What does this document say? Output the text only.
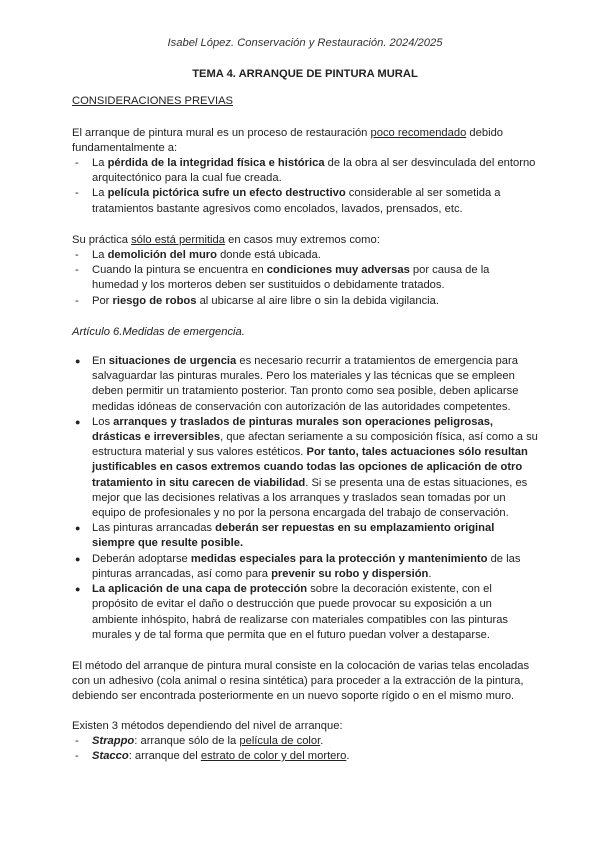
Isabel López. Conservación y Restauración. 2024/2025
TEMA 4. ARRANQUE DE PINTURA MURAL
CONSIDERACIONES PREVIAS

El arranque de pintura mural es un proceso de restauración poco recomendado debido fundamentalmente a:

- La pérdida de la integridad física e histórica de la obra al ser desvinculada del entorno arquitectónico para la cual fue creada.
- La película pictórica sufre un efecto destructivo considerable al ser sometida a tratamientos bastante agresivos como encolados, lavados, prensados, etc.

Su práctica sólo está permitida en casos muy extremos como:

- La demolición del muro donde está ubicada.
- Cuando la pintura se encuentra en condiciones muy adversas por causa de la humedad y los morteros deben ser sustituidos o debidamente tratados.
- Por riesgo de robos al ubicarse al aire libre o sin la debida vigilancia.

Artículo 6.Medidas de emergencia.

● En situaciones de urgencia es necesario recurrir a tratamientos de emergencia para salvaguardar las pinturas murales. Pero los materiales y las técnicas que se empleen deben permitir un tratamiento posterior. Tan pronto como sea posible, deben aplicarse medidas idóneas de conservación con autorización de las autoridades competentes.
● Los arranques y traslados de pinturas murales son operaciones peligrosas, drásticas e irreversibles, que afectan seriamente a su composición física, así como a su estructura material y sus valores estéticos. Por tanto, tales actuaciones sólo resultan justificables en casos extremos cuando todas las opciones de aplicación de otro tratamiento in situ carecen de viabilidad. Si se presenta una de estas situaciones, es mejor que las decisiones relativas a los arranques y traslados sean tomadas por un equipo de profesionales y no por la persona encargada del trabajo de conservación.
● Las pinturas arrancadas deberán ser repuestas en su emplazamiento original siempre que resulte posible.
● Deberán adoptarse medidas especiales para la protección y mantenimiento de las pinturas arrancadas, así como para prevenir su robo y dispersión.
● La aplicación de una capa de protección sobre la decoración existente, con el propósito de evitar el daño o destrucción que puede provocar su exposición a un ambiente inhóspito, habrá de realizarse con materiales compatibles con las pinturas murales y de tal forma que permita que en el futuro puedan volver a destaparse.

El método del arranque de pintura mural consiste en la colocación de varias telas encoladas con un adhesivo (cola animal o resina sintética) para proceder a la extracción de la pintura, debiendo ser encontrada posteriormente en un nuevo soporte rígido o en el mismo muro.

Existen 3 métodos dependiendo del nivel de arranque:

- Strappo: arranque sólo de la película de color.
- Stacco: arranque del estrato de color y del mortero.
